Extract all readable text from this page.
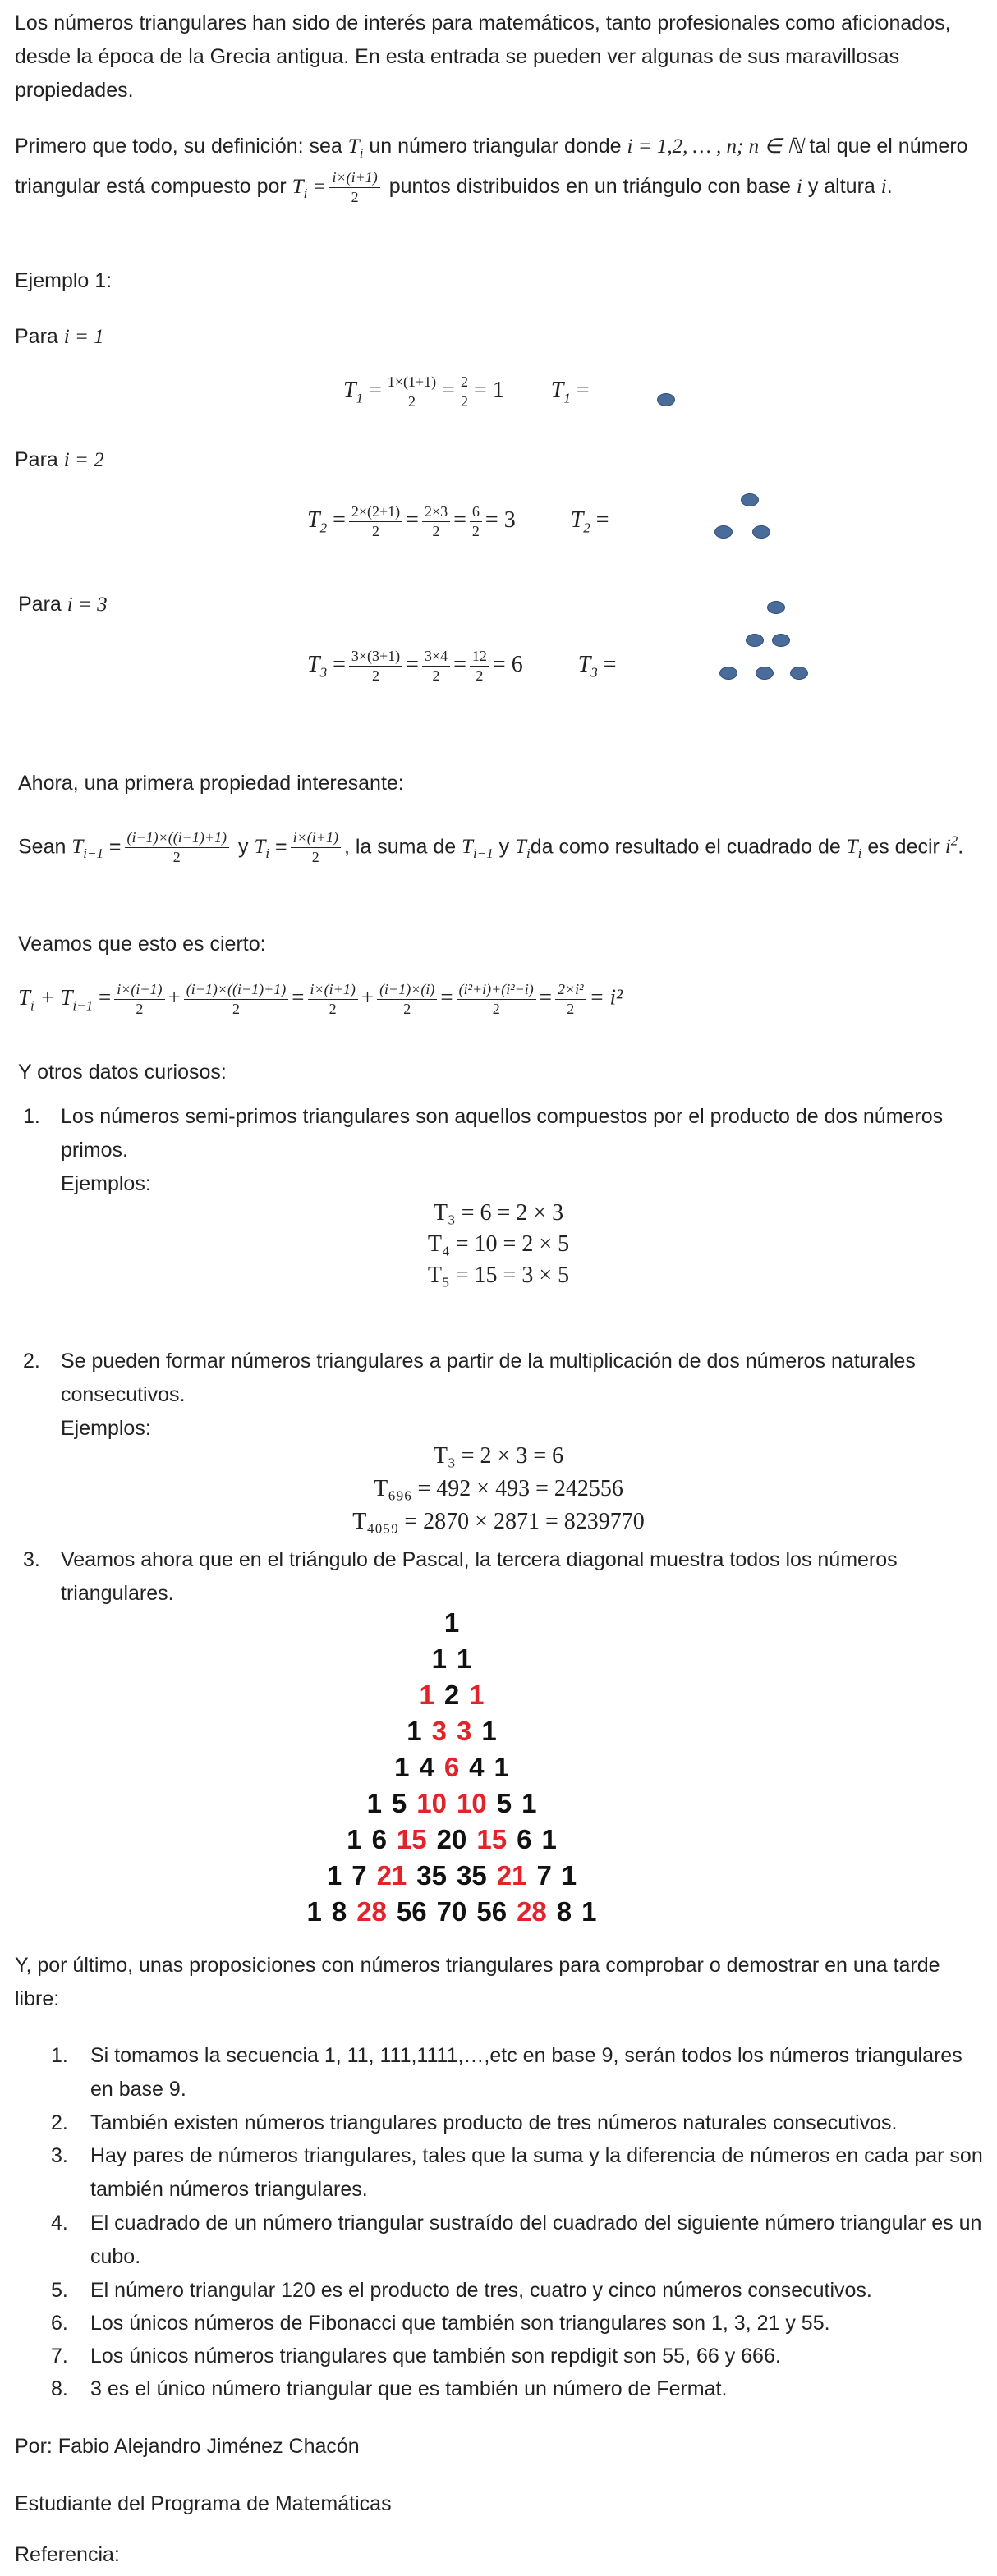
Los números triangulares han sido de interés para matemáticos, tanto profesionales como aficionados, desde la época de la Grecia antigua. En esta entrada se pueden ver algunas de sus maravillosas propiedades.

Primero que todo, su definición: sea $T_i$ un número triangular donde i = 1,2, … , n; n ∈ ℕ tal que el número triangular está compuesto por $T_i = \frac{i\times(i+1)}{2}$ puntos distribuidos en un triángulo con base i y altura i.

Ejemplo 1:

Para i = 1

$T_1 = \frac{1\times(1+1)}{2} = \frac{2}{2} = 1$ $T_1$ =

Para i = 2

$T_2 = \frac{2\times(2+1)}{2} = \frac{2\times 3}{2} = \frac{6}{2} = 3$ $T_2$ =

Para i = 3

$T_3 = \frac{3\times(3+1)}{2} = \frac{3\times 4}{2} = \frac{12}{2} = 6$ $T_3$ =

Ahora, una primera propiedad interesante:

Sean $T_{i-1} = \frac{(i-1)\times((i-1)+1)}{2}$ y $T_i = \frac{i\times(i+1)}{2}$ , la suma de $T_{i-1}$ y $T_ida$ como resultado el cuadrado de $T_i$ es decir $i^2$.

Veamos que esto es cierto:

$T_i + T_{i-1} = \frac{i\times(i+1)}{2} + \frac{(i-1)\times((i-1)+1)}{2} = \frac{i\times(i+1)}{2} + \frac{(i-1)\times(i)}{2} = \frac{\text{(i²+i)+(i²−i)}}{2} = \frac{\text{2×i²}}{2} = i^2$

Y otros datos curiosos:

1. Los números semi-primos triangulares son aquellos compuestos por el producto de dos números primos.
Ejemplos:
T₃ = 6 = 2 × 3
T₄ = 10 = 2 × 5
T₅ = 15 = 3 × 5
2. Se pueden formar números triangulares a partir de la multiplicación de dos números naturales consecutivos.
Ejemplos:
T₃ = 2 × 3 = 6
T₆₉₆ = 492 × 493 = 242556
T₄₀₅₉ = 2870 × 2871 = 8239770
3. Veamos ahora que en el triángulo de Pascal, la tercera diagonal muestra todos los números triangulares.
1
1 1
1 2 1
1 3 3 1
1 4 6 4 1
1 5 10 10 5 1
1 6 15 20 15 6 1
1 7 21 35 35 21 7 1
1 8 28 56 70 56 28 8 1

Y, por último, unas proposiciones con números triangulares para comprobar o demostrar en una tarde libre:

1. Si tomamos la secuencia 1, 11, 111,1111,…,etc en base 9, serán todos los números triangulares en base 9.
2. También existen números triangulares producto de tres números naturales consecutivos.
3. Hay pares de números triangulares, tales que la suma y la diferencia de números en cada par son también números triangulares.
4. El cuadrado de un número triangular sustraído del cuadrado del siguiente número triangular es un cubo.
5. El número triangular 120 es el producto de tres, cuatro y cinco números consecutivos.
6. Los únicos números de Fibonacci que también son triangulares son 1, 3, 21 y 55.
7. Los únicos números triangulares que también son repdigit son 55, 66 y 666.
8. 3 es el único número triangular que es también un número de Fermat.

Por: Fabio Alejandro Jiménez Chacón

Estudiante del Programa de Matemáticas

Referencia:
